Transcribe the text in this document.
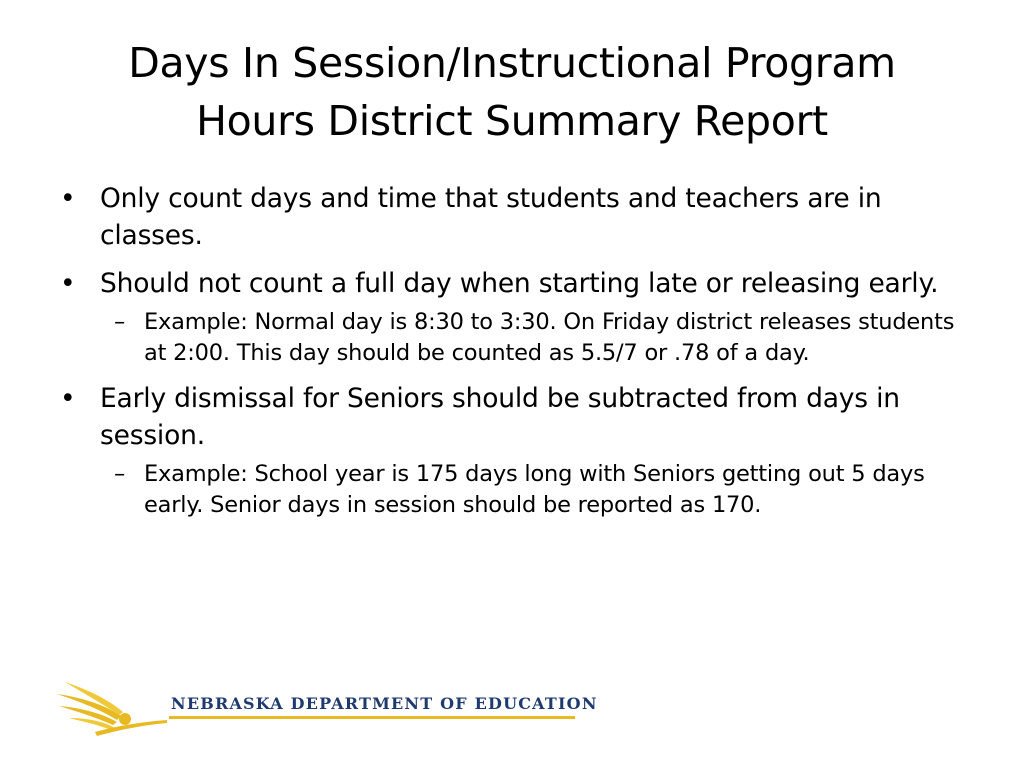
Days In Session/Instructional Program
Hours District Summary Report
• Only count days and time that students and teachers are in classes.
• Should not count a full day when starting late or releasing early.
– Example: Normal day is 8:30 to 3:30. On Friday district releases students at 2:00. This day should be counted as 5.5/7 or .78 of a day.
• Early dismissal for Seniors should be subtracted from days in session.
– Example: School year is 175 days long with Seniors getting out 5 days early. Senior days in session should be reported as 170.
NEBRASKA DEPARTMENT OF EDUCATION
